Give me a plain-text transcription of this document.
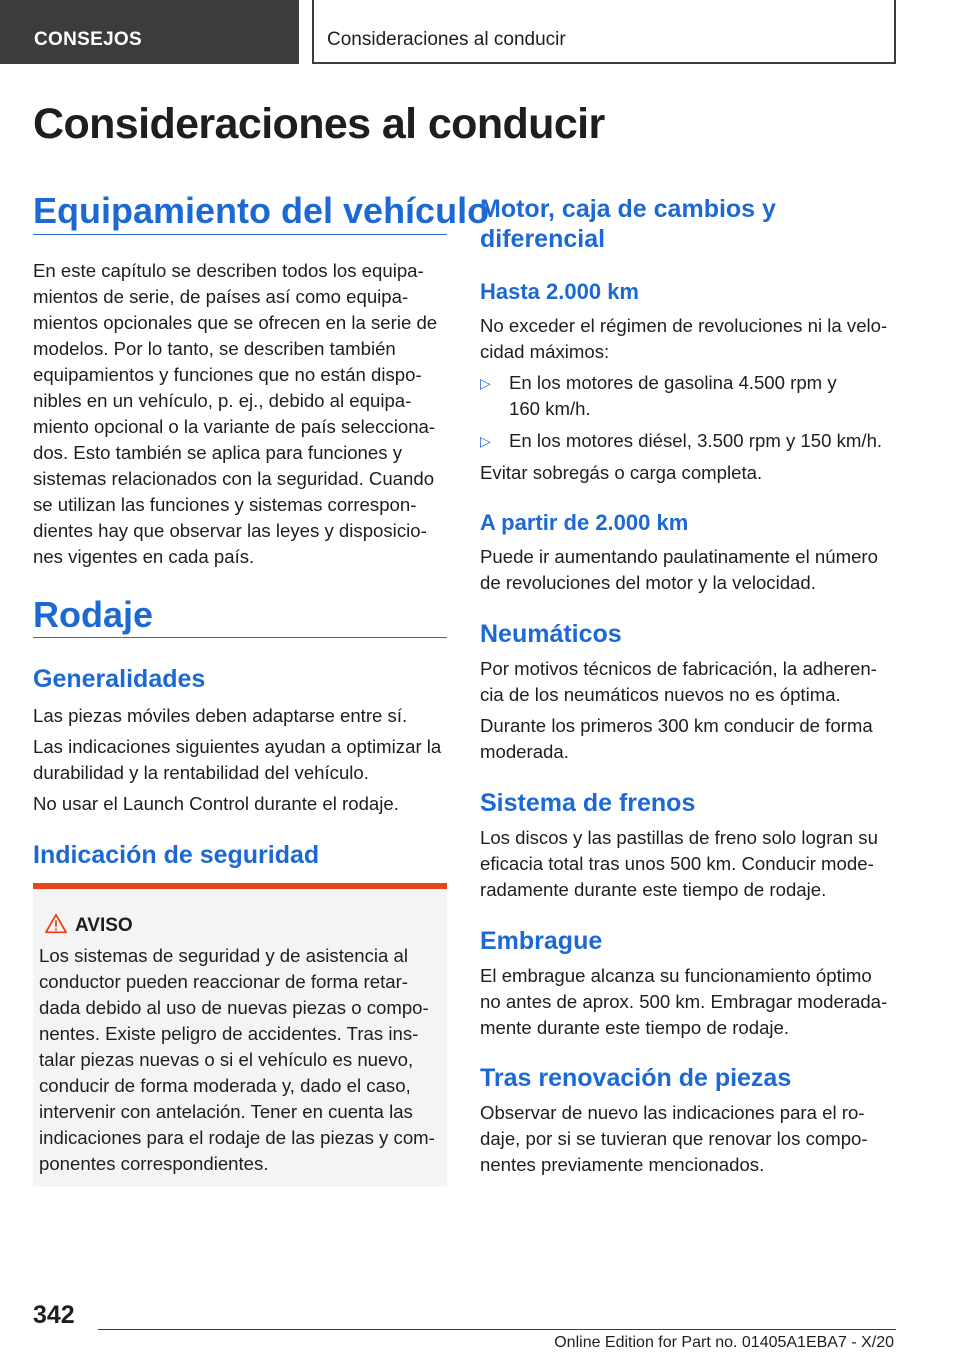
CONSEJOS	Consideraciones al conducir
Consideraciones al conducir
Equipamiento del vehículo
En este capítulo se describen todos los equipa-
mientos de serie, de países así como equipa-
mientos opcionales que se ofrecen en la serie de
modelos. Por lo tanto, se describen también
equipamientos y funciones que no están dispo-
nibles en un vehículo, p. ej., debido al equipa-
miento opcional o la variante de país selecciona-
dos. Esto también se aplica para funciones y
sistemas relacionados con la seguridad. Cuando
se utilizan las funciones y sistemas correspon-
dientes hay que observar las leyes y disposicio-
nes vigentes en cada país.
Rodaje
Generalidades
Las piezas móviles deben adaptarse entre sí.
Las indicaciones siguientes ayudan a optimizar la
durabilidad y la rentabilidad del vehículo.
No usar el Launch Control durante el rodaje.
Indicación de seguridad
AVISO
Los sistemas de seguridad y de asistencia al
conductor pueden reaccionar de forma retar-
dada debido al uso de nuevas piezas o compo-
nentes. Existe peligro de accidentes. Tras ins-
talar piezas nuevas o si el vehículo es nuevo,
conducir de forma moderada y, dado el caso,
intervenir con antelación. Tener en cuenta las
indicaciones para el rodaje de las piezas y com-
ponentes correspondientes.
Motor, caja de cambios y
diferencial
Hasta 2.000 km
No exceder el régimen de revoluciones ni la velo-
cidad máximos:
▷ En los motores de gasolina 4.500 rpm y
160 km/h.
▷ En los motores diésel, 3.500 rpm y 150 km/h.
Evitar sobregás o carga completa.
A partir de 2.000 km
Puede ir aumentando paulatinamente el número
de revoluciones del motor y la velocidad.
Neumáticos
Por motivos técnicos de fabricación, la adheren-
cia de los neumáticos nuevos no es óptima.
Durante los primeros 300 km conducir de forma
moderada.
Sistema de frenos
Los discos y las pastillas de freno solo logran su
eficacia total tras unos 500 km. Conducir mode-
radamente durante este tiempo de rodaje.
Embrague
El embrague alcanza su funcionamiento óptimo
no antes de aprox. 500 km. Embragar moderada-
mente durante este tiempo de rodaje.
Tras renovación de piezas
Observar de nuevo las indicaciones para el ro-
daje, por si se tuvieran que renovar los compo-
nentes previamente mencionados.
342
Online Edition for Part no. 01405A1EBA7 - X/20
